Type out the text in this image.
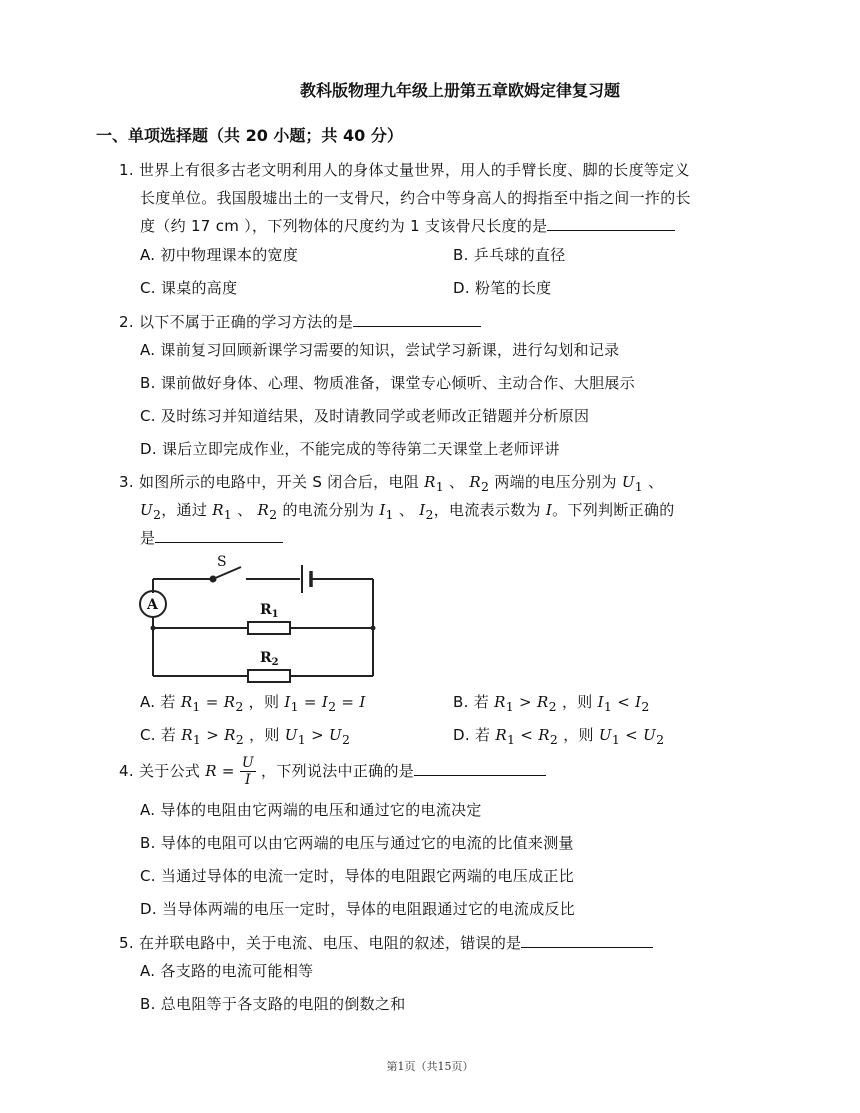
教科版物理九年级上册第五章欧姆定律复习题
一、单项选择题（共 20 小题；共 40 分）
1. 世界上有很多古老文明利用人的身体丈量世界，用人的手臂长度、脚的长度等定义
长度单位。我国殷墟出土的一支骨尺，约合中等身高人的拇指至中指之间一拃的长
度（约 17 cm ），下列物体的尺度约为 1 支该骨尺长度的是
A. 初中物理课本的宽度	B. 乒乓球的直径
C. 课桌的高度	D. 粉笔的长度
2. 以下不属于正确的学习方法的是
A. 课前复习回顾新课学习需要的知识，尝试学习新课，进行勾划和记录
B. 课前做好身体、心理、物质准备，课堂专心倾听、主动合作、大胆展示
C. 及时练习并知道结果，及时请教同学或老师改正错题并分析原因
D. 课后立即完成作业，不能完成的等待第二天课堂上老师评讲
3. 如图所示的电路中，开关 S 闭合后，电阻 $R_1$ 、 $R_2$ 两端的电压分别为 $U_1$ 、
$U_2$，通过 $R_1$ 、 $R_2$ 的电流分别为 $I_1$ 、 $I_2$，电流表示数为 I。下列判断正确的
是
S
A	$R_1$
$R_2$
A. 若 $R_1 = R_2$ ，则 $I_1 = I_2 = I$	B. 若 $R_1 > R_2$ ，则 $I_1 < I_2$
C. 若 $R_1 > R_2$ ，则 $U_1 > U_2$	D. 若 $R_1 < R_2$ ，则 $U_1 < U_2$
4. 关于公式 $R = \frac{U}{I}$ ，下列说法中正确的是
A. 导体的电阻由它两端的电压和通过它的电流决定
B. 导体的电阻可以由它两端的电压与通过它的电流的比值来测量
C. 当通过导体的电流一定时，导体的电阻跟它两端的电压成正比
D. 当导体两端的电压一定时，导体的电阻跟通过它的电流成反比
5. 在并联电路中，关于电流、电压、电阻的叙述，错误的是
A. 各支路的电流可能相等
B. 总电阻等于各支路的电阻的倒数之和
第1页（共15页）
